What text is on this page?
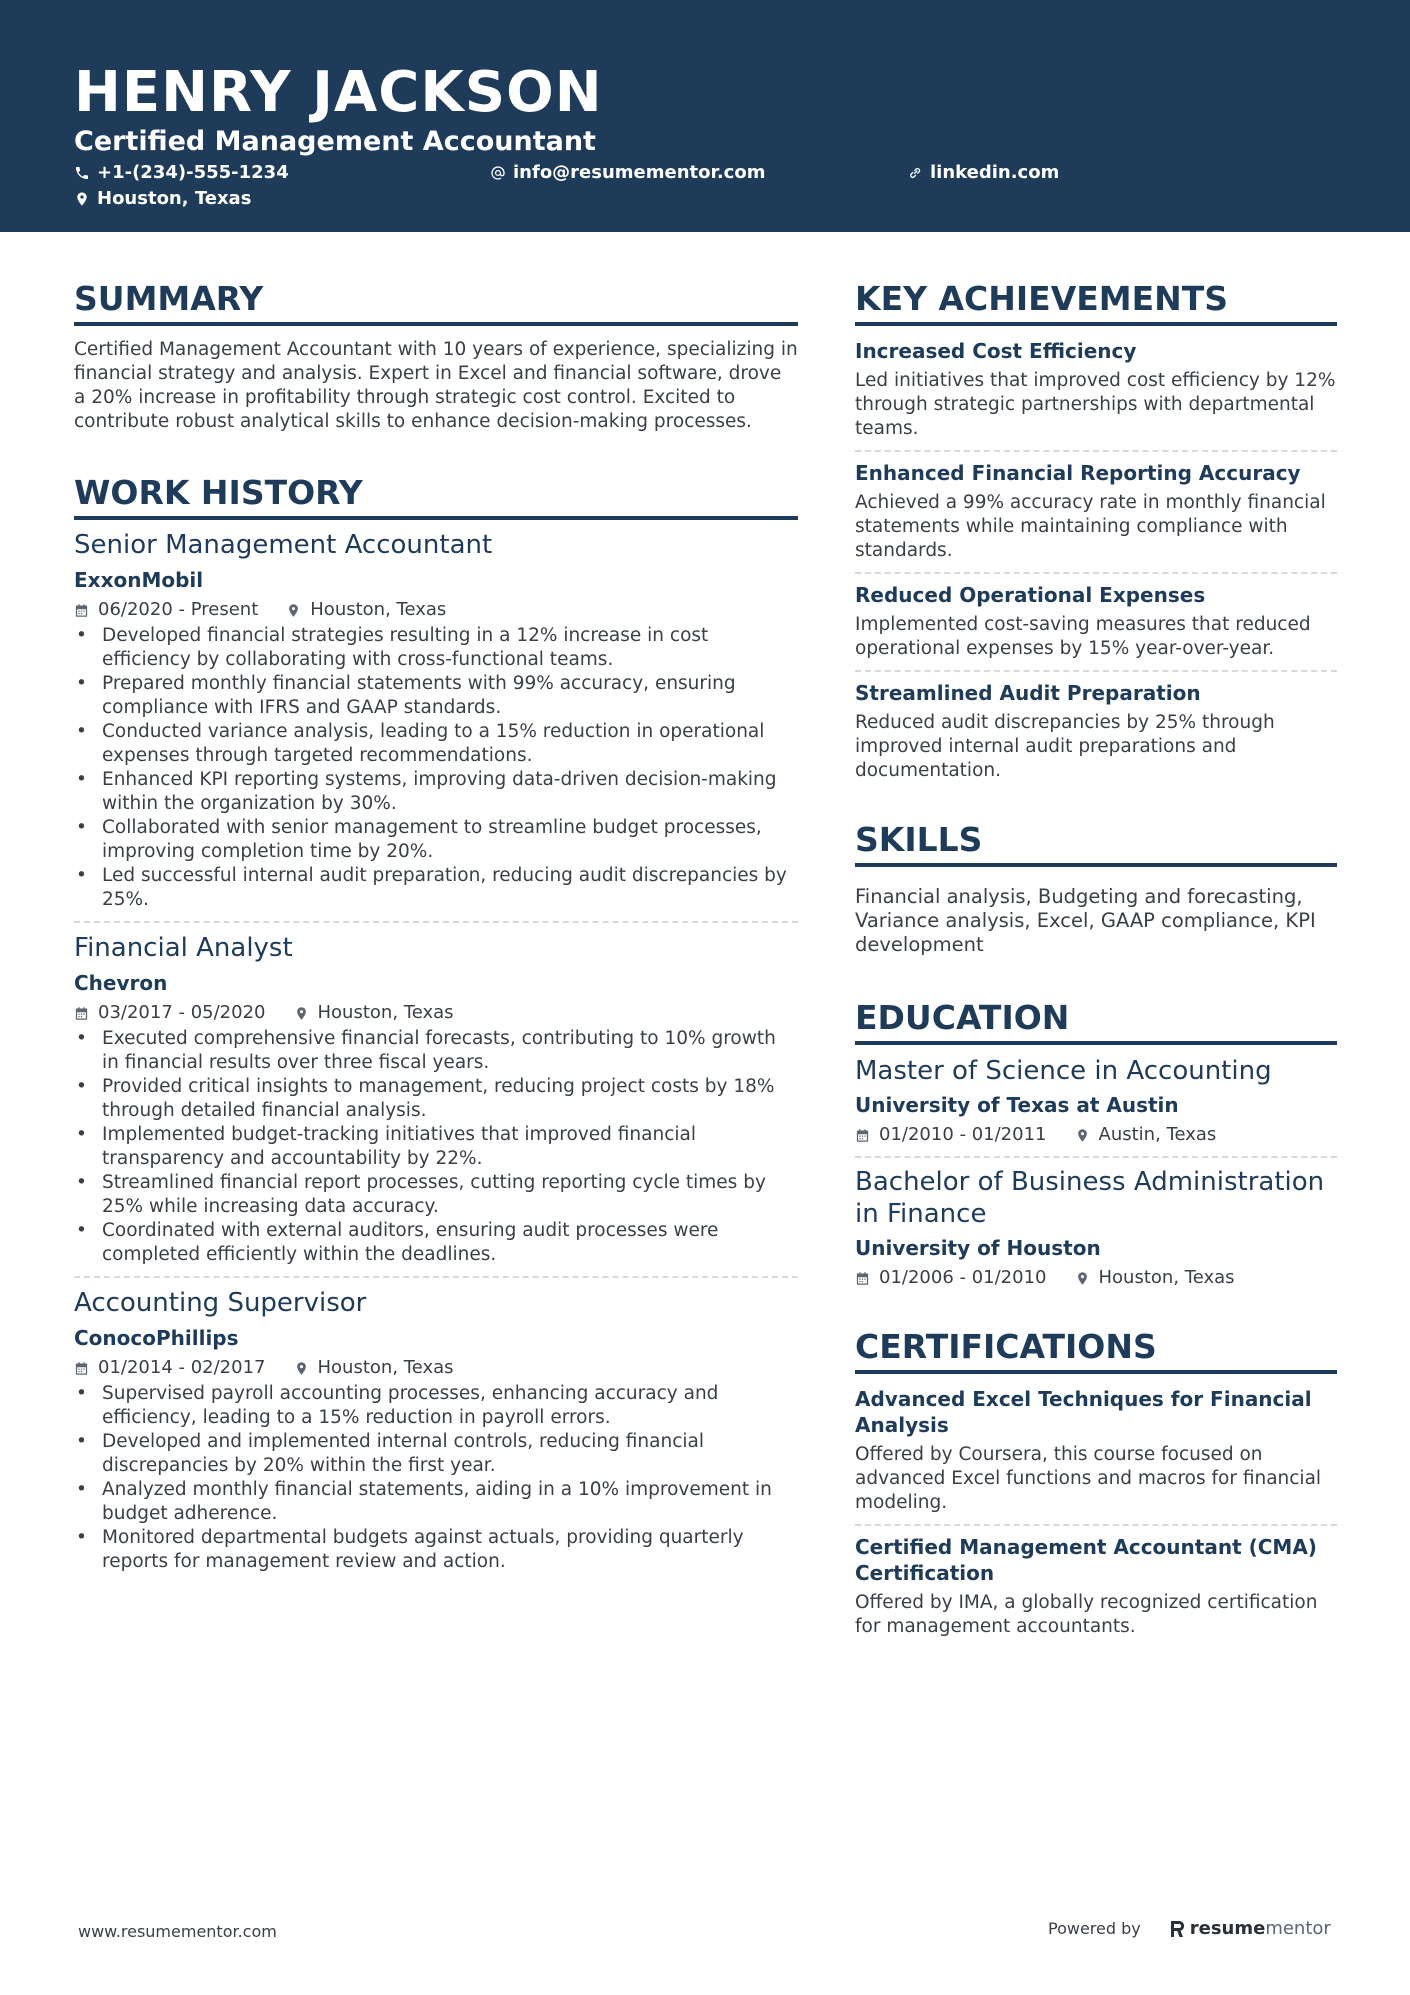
HENRY JACKSON
Certified Management Accountant
+1-(234)-555-1234	info@resumementor.com	linkedin.com
Houston, Texas
SUMMARY
Certified Management Accountant with 10 years of experience, specializing in financial strategy and analysis. Expert in Excel and financial software, drove a 20% increase in profitability through strategic cost control. Excited to contribute robust analytical skills to enhance decision-making processes.
WORK HISTORY
Senior Management Accountant
ExxonMobil
06/2020 - Present	Houston, Texas
• Developed financial strategies resulting in a 12% increase in cost efficiency by collaborating with cross-functional teams.
• Prepared monthly financial statements with 99% accuracy, ensuring compliance with IFRS and GAAP standards.
• Conducted variance analysis, leading to a 15% reduction in operational expenses through targeted recommendations.
• Enhanced KPI reporting systems, improving data-driven decision-making within the organization by 30%.
• Collaborated with senior management to streamline budget processes, improving completion time by 20%.
• Led successful internal audit preparation, reducing audit discrepancies by 25%.
Financial Analyst
Chevron
03/2017 - 05/2020	Houston, Texas
• Executed comprehensive financial forecasts, contributing to 10% growth in financial results over three fiscal years.
• Provided critical insights to management, reducing project costs by 18% through detailed financial analysis.
• Implemented budget-tracking initiatives that improved financial transparency and accountability by 22%.
• Streamlined financial report processes, cutting reporting cycle times by 25% while increasing data accuracy.
• Coordinated with external auditors, ensuring audit processes were completed efficiently within the deadlines.
Accounting Supervisor
ConocoPhillips
01/2014 - 02/2017	Houston, Texas
• Supervised payroll accounting processes, enhancing accuracy and efficiency, leading to a 15% reduction in payroll errors.
• Developed and implemented internal controls, reducing financial discrepancies by 20% within the first year.
• Analyzed monthly financial statements, aiding in a 10% improvement in budget adherence.
• Monitored departmental budgets against actuals, providing quarterly reports for management review and action.
KEY ACHIEVEMENTS
Increased Cost Efficiency
Led initiatives that improved cost efficiency by 12% through strategic partnerships with departmental teams.
Enhanced Financial Reporting Accuracy
Achieved a 99% accuracy rate in monthly financial statements while maintaining compliance with standards.
Reduced Operational Expenses
Implemented cost-saving measures that reduced operational expenses by 15% year-over-year.
Streamlined Audit Preparation
Reduced audit discrepancies by 25% through improved internal audit preparations and documentation.
SKILLS
Financial analysis, Budgeting and forecasting, Variance analysis, Excel, GAAP compliance, KPI development
EDUCATION
Master of Science in Accounting
University of Texas at Austin
01/2010 - 01/2011	Austin, Texas
Bachelor of Business Administration in Finance
University of Houston
01/2006 - 01/2010	Houston, Texas
CERTIFICATIONS
Advanced Excel Techniques for Financial Analysis
Offered by Coursera, this course focused on advanced Excel functions and macros for financial modeling.
Certified Management Accountant (CMA) Certification
Offered by IMA, a globally recognized certification for management accountants.
www.resumementor.com	Powered by	resume mentor
